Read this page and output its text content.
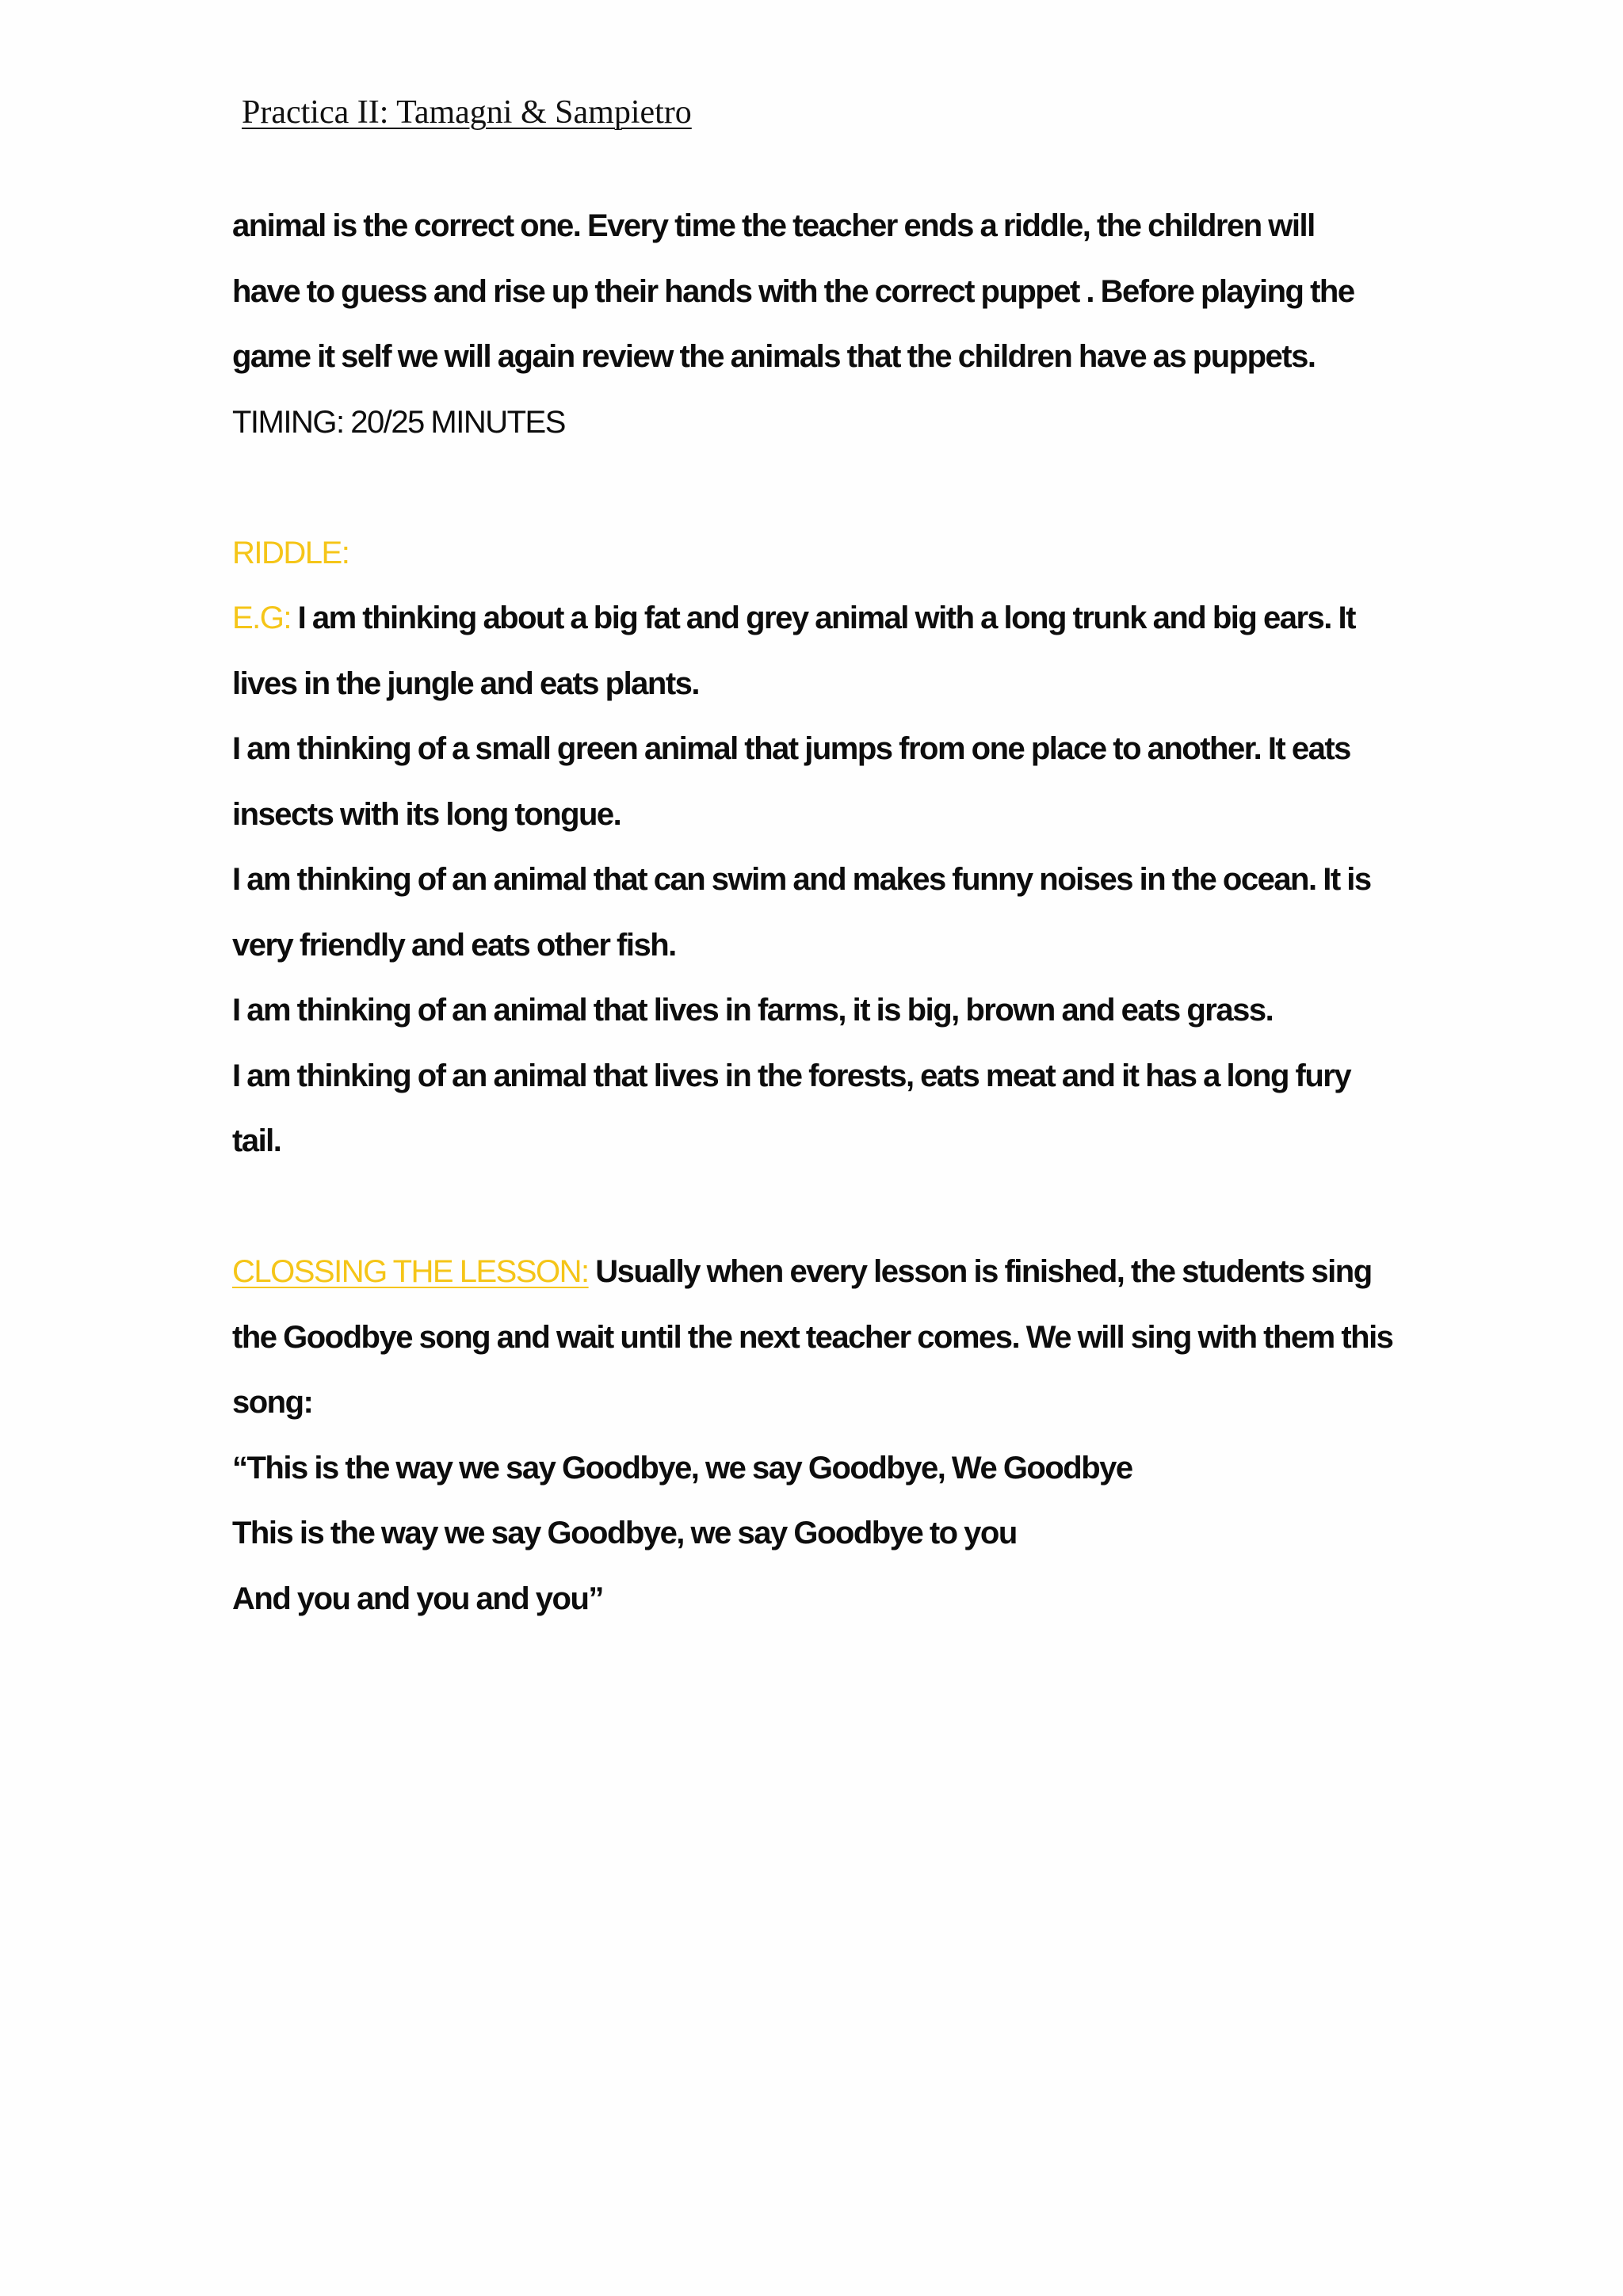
Practica II: Tamagni & Sampietro
animal is the correct one. Every time the teacher ends a riddle, the children will
have to guess and rise up their hands with the correct puppet . Before playing the
game it self we will again review the animals that the children have as puppets.
TIMING: 20/25 MINUTES
RIDDLE:
E.G: I am thinking about a big fat and grey animal with a long trunk and big ears. It
lives in the jungle and eats plants.
I am thinking of a small green animal that jumps from one place to another. It eats
insects with its long tongue.
I am thinking of an animal that can swim and makes funny noises in the ocean. It is
very friendly and eats other fish.
I am thinking of an animal that lives in farms, it is big, brown and eats grass.
I am thinking of an animal that lives in the forests, eats meat and it has a long fury
tail.
CLOSSING THE LESSON: Usually when every lesson is finished, the students sing
the Goodbye song and wait until the next teacher comes. We will sing with them this
song:
“This is the way we say Goodbye, we say Goodbye, We Goodbye
This is the way we say Goodbye, we say Goodbye to you
And you and you and you”
